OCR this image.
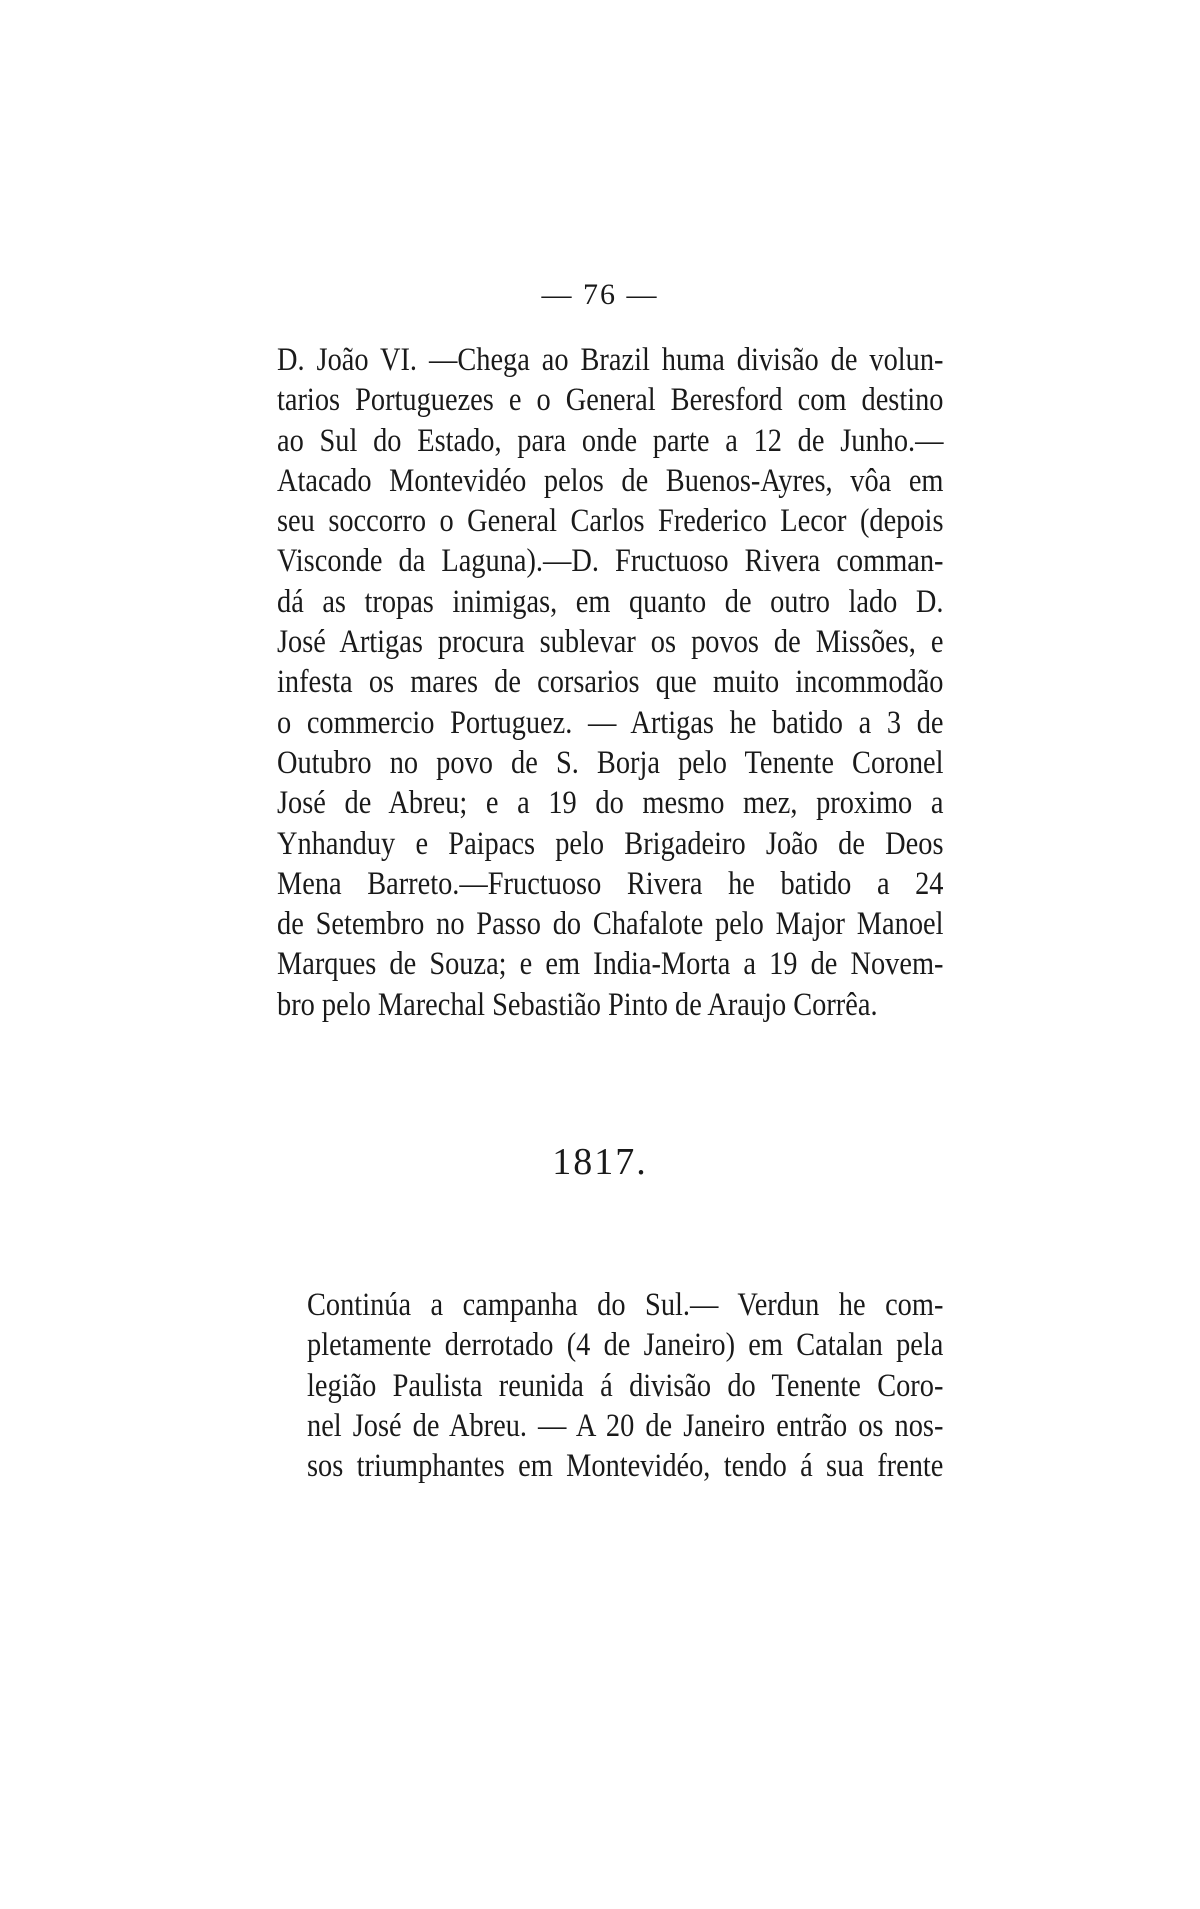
— 76 —
D. João VI. —Chega ao Brazil huma divisão de volun-
tarios Portuguezes e o General Beresford com destino
ao Sul do Estado, para onde parte a 12 de Junho.—
Atacado Montevidéo pelos de Buenos-Ayres, vôa em
seu soccorro o General Carlos Frederico Lecor (depois
Visconde da Laguna).—D. Fructuoso Rivera comman-
dá as tropas inimigas, em quanto de outro lado D.
José Artigas procura sublevar os povos de Missões, e
infesta os mares de corsarios que muito incommodão
o commercio Portuguez. — Artigas he batido a 3 de
Outubro no povo de S. Borja pelo Tenente Coronel
José de Abreu; e a 19 do mesmo mez, proximo a
Ynhanduy e Paipacs pelo Brigadeiro João de Deos
Mena Barreto.—Fructuoso Rivera he batido a 24
de Setembro no Passo do Chafalote pelo Major Manoel
Marques de Souza; e em India-Morta a 19 de Novem-
bro pelo Marechal Sebastião Pinto de Araujo Corrêa.
1817.
Continúa a campanha do Sul.— Verdun he com-
pletamente derrotado (4 de Janeiro) em Catalan pela
legião Paulista reunida á divisão do Tenente Coro-
nel José de Abreu. — A 20 de Janeiro entrão os nos-
sos triumphantes em Montevidéo, tendo á sua frente
